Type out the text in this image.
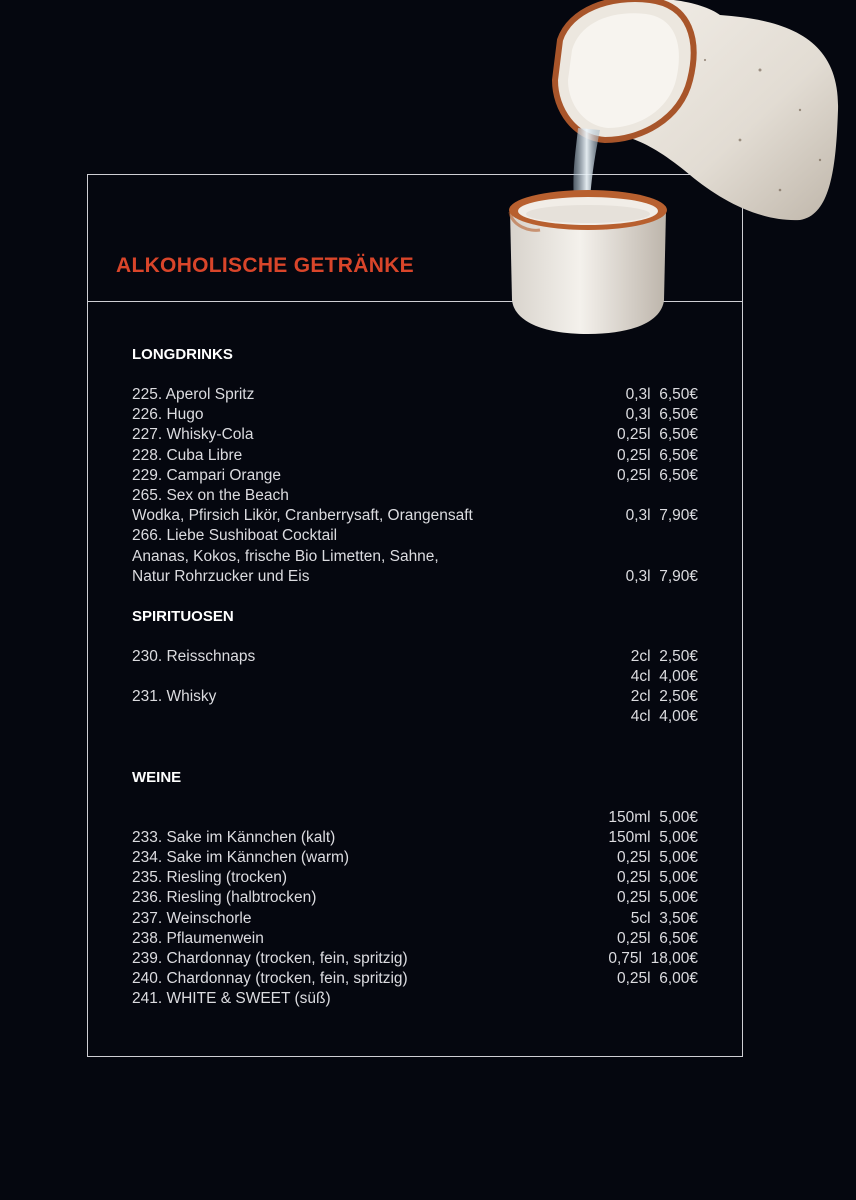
ALKOHOLISCHE GETRÄNKE
LONGDRINKS
225. Aperol Spritz	0,3l  6,50€
226. Hugo	0,3l  6,50€
227. Whisky-Cola	0,25l  6,50€
228. Cuba Libre	0,25l  6,50€
229. Campari Orange	0,25l  6,50€
265. Sex on the Beach
Wodka, Pfirsich Likör, Cranberrysaft, Orangensaft	0,3l  7,90€
266. Liebe Sushiboat Cocktail
Ananas, Kokos, frische Bio Limetten, Sahne,
Natur Rohrzucker und Eis	0,3l  7,90€
SPIRITUOSEN
230. Reisschnaps	2cl  2,50€
4cl  4,00€
231. Whisky	2cl  2,50€
4cl  4,00€
WEINE
150ml  5,00€
233. Sake im Kännchen (kalt)	150ml  5,00€
234. Sake im Kännchen (warm)	0,25l  5,00€
235. Riesling (trocken)	0,25l  5,00€
236. Riesling (halbtrocken)	0,25l  5,00€
237. Weinschorle	5cl  3,50€
238. Pflaumenwein	0,25l  6,50€
239. Chardonnay (trocken, fein, spritzig)	0,75l  18,00€
240. Chardonnay (trocken, fein, spritzig)	0,25l  6,00€
241. WHITE & SWEET (süß)
